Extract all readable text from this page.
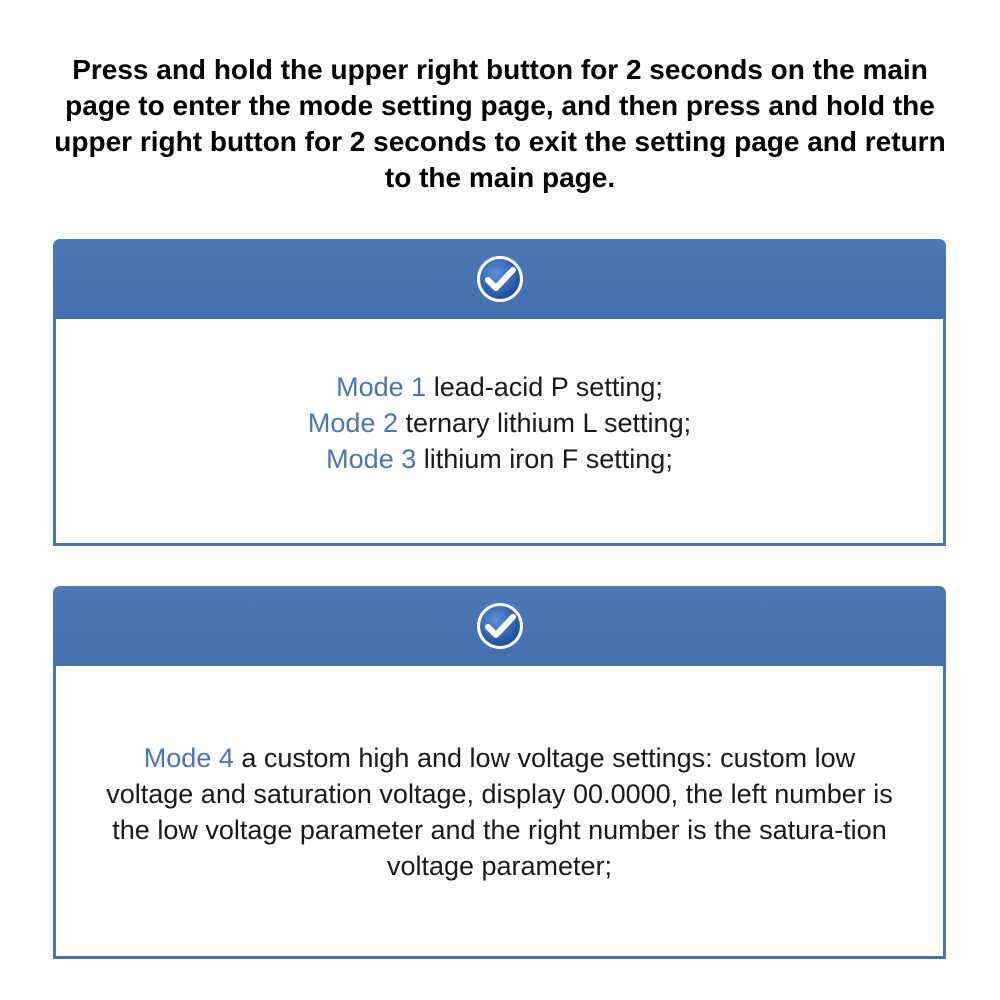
Press and hold the upper right button for 2 seconds on the main page to enter the mode setting page, and then press and hold the upper right button for 2 seconds to exit the setting page and return to the main page.
Mode 1 lead-acid P setting;
Mode 2 ternary lithium L setting;
Mode 3 lithium iron F setting;
Mode 4 a custom high and low voltage settings: custom low voltage and saturation voltage, display 00.0000, the left number is the low voltage parameter and the right number is the satura-tion voltage parameter;
